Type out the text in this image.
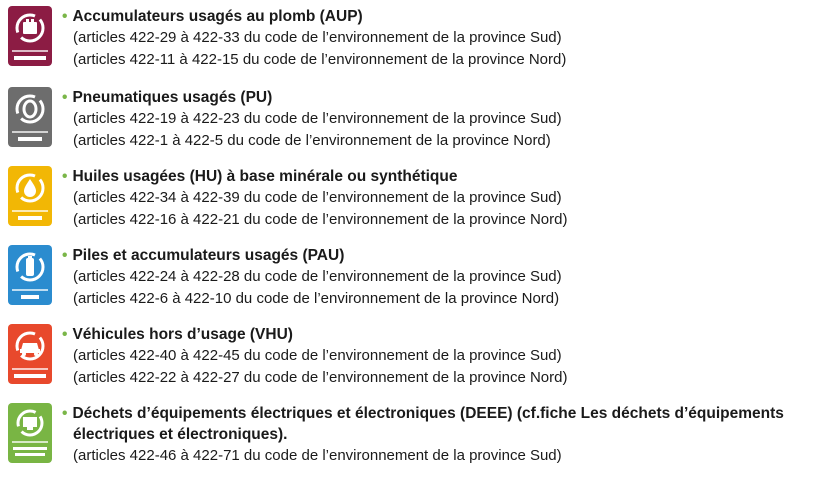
• Accumulateurs usagés au plomb (AUP)

(articles 422-29 à 422-33 du code de l’environnement de la province Sud)
(articles 422-11 à 422-15 du code de l’environnement de la province Nord)

• Pneumatiques usagés (PU)

(articles 422-19 à 422-23 du code de l’environnement de la province Sud)
(articles 422-1 à 422-5 du code de l’environnement de la province Nord)

• Huiles usagées (HU) à base minérale ou synthétique

(articles 422-34 à 422-39 du code de l’environnement de la province Sud)
(articles 422-16 à 422-21 du code de l’environnement de la province Nord)

• Piles et accumulateurs usagés (PAU)

(articles 422-24 à 422-28 du code de l’environnement de la province Sud)
(articles 422-6 à 422-10 du code de l’environnement de la province Nord)

• Véhicules hors d’usage (VHU)

(articles 422-40 à 422-45 du code de l’environnement de la province Sud)
(articles 422-22 à 422-27 du code de l’environnement de la province Nord)

• Déchets d’équipements électriques et électroniques (DEEE) (cf.fiche Les déchets d’équipements

électriques et électroniques).

(articles 422-46 à 422-71 du code de l’environnement de la province Sud)
